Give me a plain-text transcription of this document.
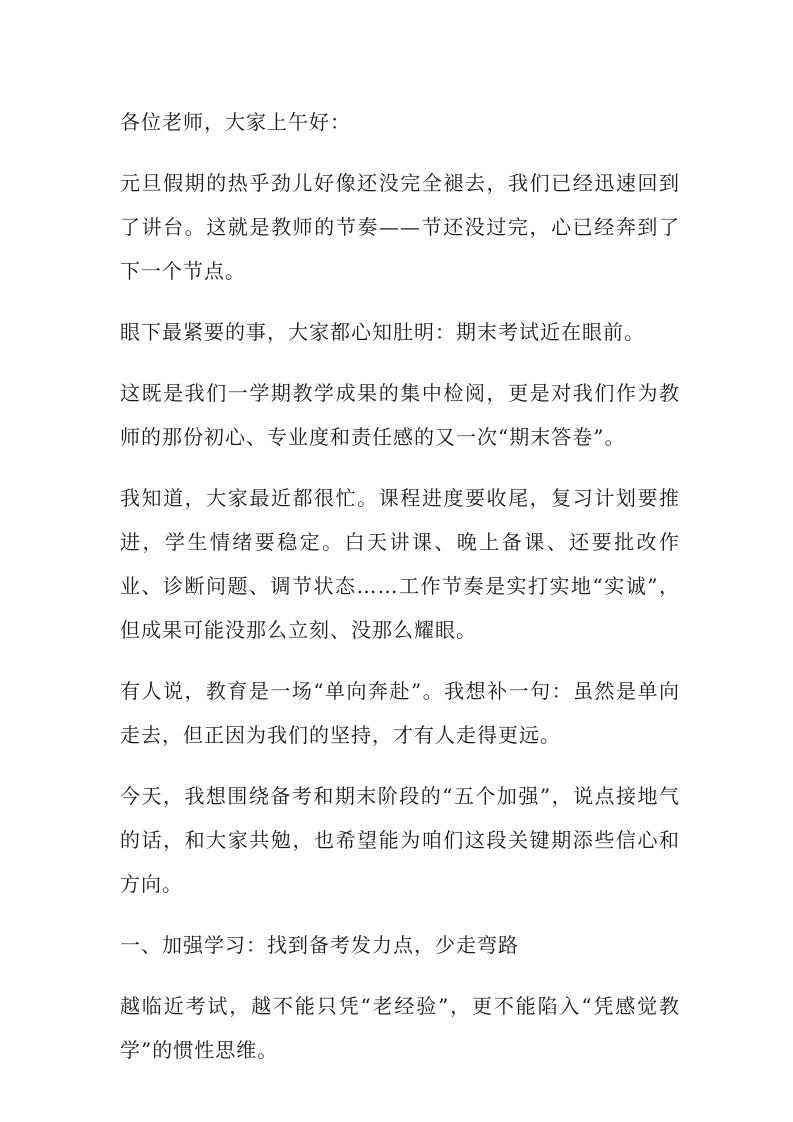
各位老师，大家上午好：

元旦假期的热乎劲儿好像还没完全褪去，我们已经迅速回到了讲台。这就是教师的节奏——节还没过完，心已经奔到了下一个节点。

眼下最紧要的事，大家都心知肚明：期末考试近在眼前。

这既是我们一学期教学成果的集中检阅，更是对我们作为教师的那份初心、专业度和责任感的又一次“期末答卷”。

我知道，大家最近都很忙。课程进度要收尾，复习计划要推进，学生情绪要稳定。白天讲课、晚上备课、还要批改作业、诊断问题、调节状态……工作节奏是实打实地“实诚”，但成果可能没那么立刻、没那么耀眼。

有人说，教育是一场“单向奔赴”。我想补一句：虽然是单向走去，但正因为我们的坚持，才有人走得更远。

今天，我想围绕备考和期末阶段的“五个加强”，说点接地气的话，和大家共勉，也希望能为咱们这段关键期添些信心和方向。

一、加强学习：找到备考发力点，少走弯路

越临近考试，越不能只凭“老经验”，更不能陷入“凭感觉教学”的惯性思维。
